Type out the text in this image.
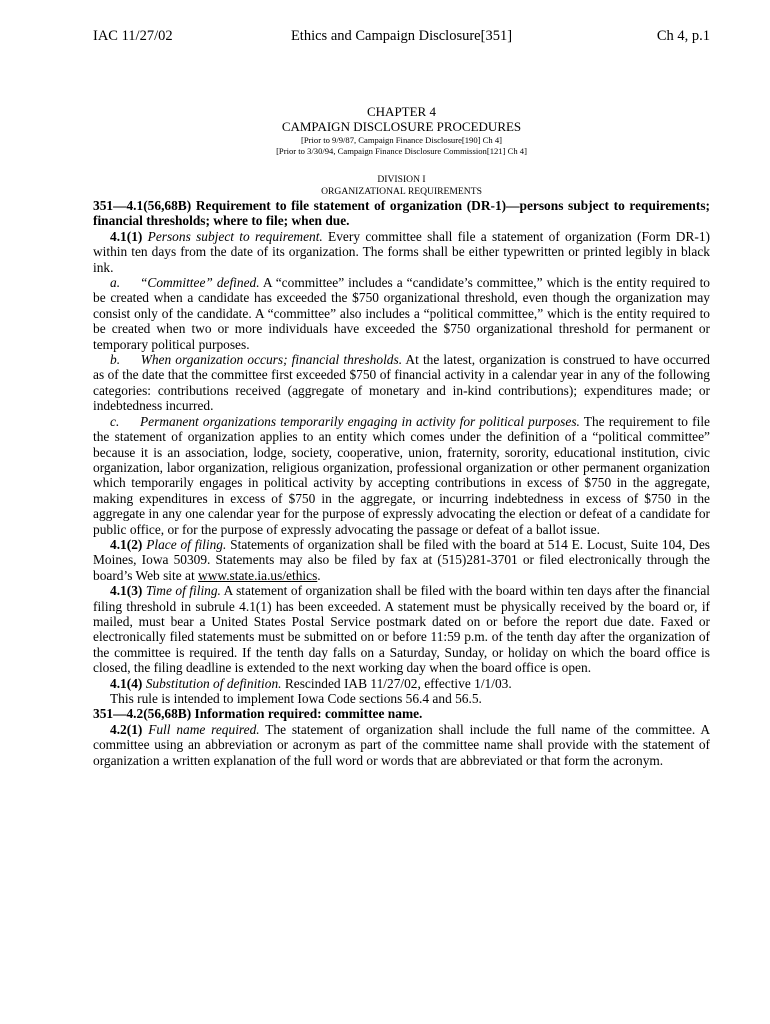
IAC 11/27/02	Ethics and Campaign Disclosure[351]	Ch 4, p.1
CHAPTER 4
CAMPAIGN DISCLOSURE PROCEDURES
[Prior to 9/9/87, Campaign Finance Disclosure[190] Ch 4]
[Prior to 3/30/94, Campaign Finance Disclosure Commission[121] Ch 4]
DIVISION I
ORGANIZATIONAL REQUIREMENTS

351—4.1(56,68B) Requirement to file statement of organization (DR-1)—persons subject to requirements; financial thresholds; where to file; when due.

4.1(1) Persons subject to requirement. Every committee shall file a statement of organization (Form DR-1) within ten days from the date of its organization. The forms shall be either typewritten or printed legibly in black ink.

a. “Committee” defined. A “committee” includes a “candidate’s committee,” which is the entity required to be created when a candidate has exceeded the $750 organizational threshold, even though the organization may consist only of the candidate. A “committee” also includes a “political committee,” which is the entity required to be created when two or more individuals have exceeded the $750 organizational threshold for permanent or temporary political purposes.

b. When organization occurs; financial thresholds. At the latest, organization is construed to have occurred as of the date that the committee first exceeded $750 of financial activity in a calendar year in any of the following categories: contributions received (aggregate of monetary and in-kind contributions); expenditures made; or indebtedness incurred.

c. Permanent organizations temporarily engaging in activity for political purposes. The requirement to file the statement of organization applies to an entity which comes under the definition of a “political committee” because it is an association, lodge, society, cooperative, union, fraternity, sorority, educational institution, civic organization, labor organization, religious organization, professional organization or other permanent organization which temporarily engages in political activity by accepting contributions in excess of $750 in the aggregate, making expenditures in excess of $750 in the aggregate, or incurring indebtedness in excess of $750 in the aggregate in any one calendar year for the purpose of expressly advocating the election or defeat of a candidate for public office, or for the purpose of expressly advocating the passage or defeat of a ballot issue.

4.1(2) Place of filing. Statements of organization shall be filed with the board at 514 E. Locust, Suite 104, Des Moines, Iowa 50309. Statements may also be filed by fax at (515)281-3701 or filed electronically through the board’s Web site at www.state.ia.us/ethics.

4.1(3) Time of filing. A statement of organization shall be filed with the board within ten days after the financial filing threshold in subrule 4.1(1) has been exceeded. A statement must be physically received by the board or, if mailed, must bear a United States Postal Service postmark dated on or before the report due date. Faxed or electronically filed statements must be submitted on or before 11:59 p.m. of the tenth day after the organization of the committee is required. If the tenth day falls on a Saturday, Sunday, or holiday on which the board office is closed, the filing deadline is extended to the next working day when the board office is open.

4.1(4) Substitution of definition. Rescinded IAB 11/27/02, effective 1/1/03.

This rule is intended to implement Iowa Code sections 56.4 and 56.5.

351—4.2(56,68B) Information required: committee name.

4.2(1) Full name required. The statement of organization shall include the full name of the committee. A committee using an abbreviation or acronym as part of the committee name shall provide with the statement of organization a written explanation of the full word or words that are abbreviated or that form the acronym.
